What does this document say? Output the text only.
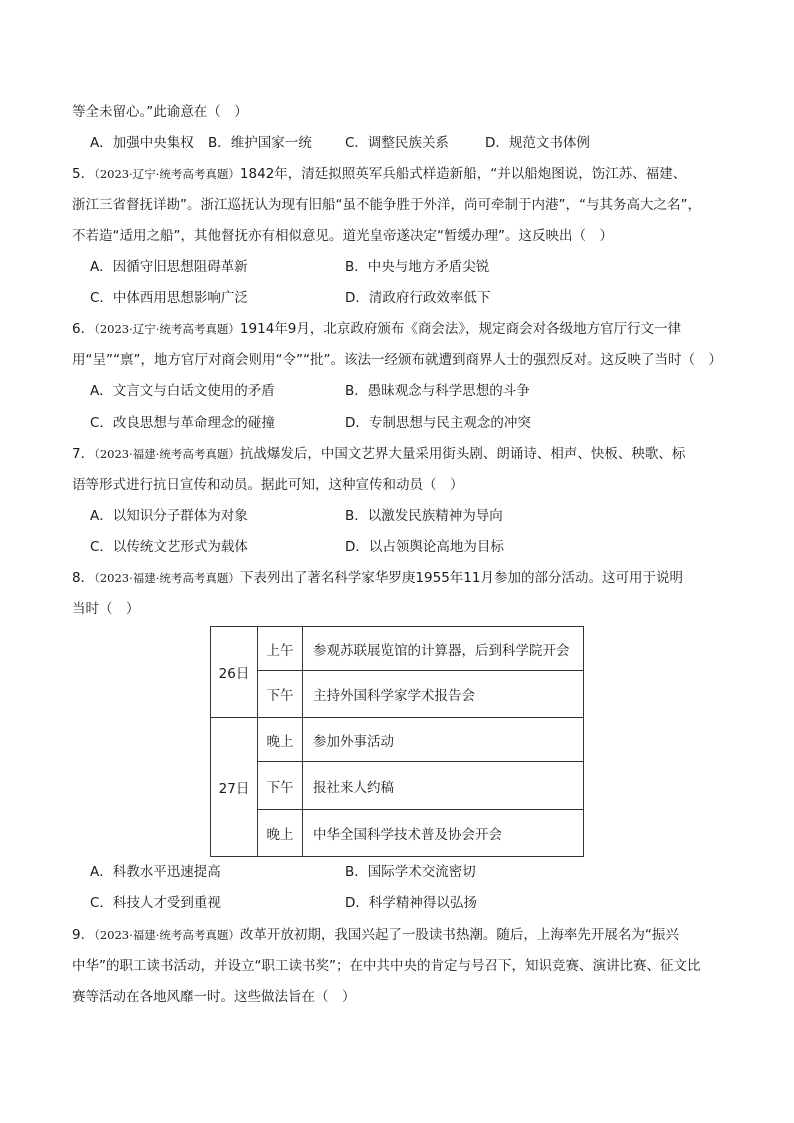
等全未留心。”此谕意在（　）
A．加强中央集权 B．维护国家一统 C．调整民族关系	D．规范文书体例
5．（2023·辽宁·统考高考真题）1842年，清廷拟照英军兵船式样造新船，“并以船炮图说，饬江苏、福建、
浙江三省督抚详勘”。浙江巡抚认为现有旧船“虽不能争胜于外洋，尚可牵制于内港”，“与其务高大之名”，
不若造“适用之船”，其他督抚亦有相似意见。道光皇帝遂决定“暂缓办理”。这反映出（　）
A．因循守旧思想阻碍革新	B．中央与地方矛盾尖锐
C．中体西用思想影响广泛	D．清政府行政效率低下
6．（2023·辽宁·统考高考真题）1914年9月，北京政府颁布《商会法》，规定商会对各级地方官厅行文一律
用“呈”“禀”，地方官厅对商会则用“令”“批”。该法一经颁布就遭到商界人士的强烈反对。这反映了当时（　）
A．文言文与白话文使用的矛盾	B．愚昧观念与科学思想的斗争
C．改良思想与革命理念的碰撞	D．专制思想与民主观念的冲突
7．（2023·福建·统考高考真题）抗战爆发后，中国文艺界大量采用街头剧、朗诵诗、相声、快板、秧歌、标
语等形式进行抗日宣传和动员。据此可知，这种宣传和动员（　）
A．以知识分子群体为对象	B．以激发民族精神为导向
C．以传统文艺形式为载体	D．以占领舆论高地为目标
8．（2023·福建·统考高考真题）下表列出了著名科学家华罗庚1955年11月参加的部分活动。这可用于说明
当时（　）
26日	上午	参观苏联展览馆的计算器，后到科学院开会
	下午	主持外国科学家学术报告会
27日	晚上	参加外事活动
	下午	报社来人约稿
	晚上	中华全国科学技术普及协会开会
A．科教水平迅速提高	B．国际学术交流密切
C．科技人才受到重视	D．科学精神得以弘扬
9．（2023·福建·统考高考真题）改革开放初期，我国兴起了一股读书热潮。随后，上海率先开展名为“振兴
中华”的职工读书活动，并设立“职工读书奖”；在中共中央的肯定与号召下，知识竞赛、演讲比赛、征文比
赛等活动在各地风靡一时。这些做法旨在（　）
